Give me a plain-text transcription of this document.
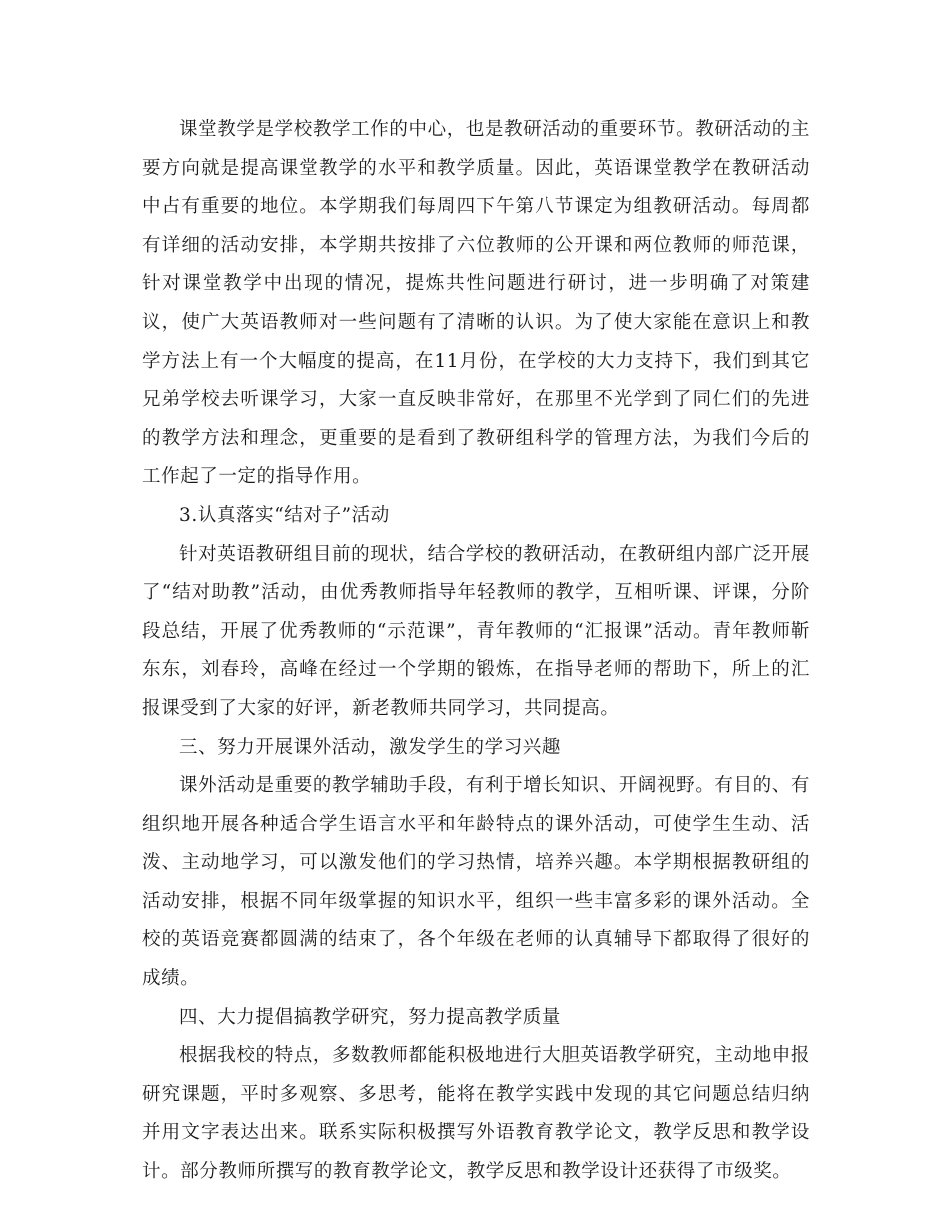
课堂教学是学校教学工作的中心，也是教研活动的重要环节。教研活动的主要方向就是提高课堂教学的水平和教学质量。因此，英语课堂教学在教研活动中占有重要的地位。本学期我们每周四下午第八节课定为组教研活动。每周都有详细的活动安排，本学期共按排了六位教师的公开课和两位教师的师范课，针对课堂教学中出现的情况，提炼共性问题进行研讨，进一步明确了对策建议，使广大英语教师对一些问题有了清晰的认识。为了使大家能在意识上和教学方法上有一个大幅度的提高，在11月份，在学校的大力支持下，我们到其它兄弟学校去听课学习，大家一直反映非常好，在那里不光学到了同仁们的先进的教学方法和理念，更重要的是看到了教研组科学的管理方法，为我们今后的工作起了一定的指导作用。

3.认真落实“结对子”活动

针对英语教研组目前的现状，结合学校的教研活动，在教研组内部广泛开展了“结对助教”活动，由优秀教师指导年轻教师的教学，互相听课、评课，分阶段总结，开展了优秀教师的“示范课”，青年教师的“汇报课”活动。青年教师靳东东，刘春玲，高峰在经过一个学期的锻炼，在指导老师的帮助下，所上的汇报课受到了大家的好评，新老教师共同学习，共同提高。

三、努力开展课外活动，激发学生的学习兴趣

课外活动是重要的教学辅助手段，有利于增长知识、开阔视野。有目的、有组织地开展各种适合学生语言水平和年龄特点的课外活动，可使学生生动、活泼、主动地学习，可以激发他们的学习热情，培养兴趣。本学期根据教研组的活动安排，根据不同年级掌握的知识水平，组织一些丰富多彩的课外活动。全校的英语竞赛都圆满的结束了，各个年级在老师的认真辅导下都取得了很好的成绩。

四、大力提倡搞教学研究，努力提高教学质量

根据我校的特点，多数教师都能积极地进行大胆英语教学研究，主动地申报研究课题，平时多观察、多思考，能将在教学实践中发现的其它问题总结归纳并用文字表达出来。联系实际积极撰写外语教育教学论文，教学反思和教学设计。部分教师所撰写的教育教学论文，教学反思和教学设计还获得了市级奖。
